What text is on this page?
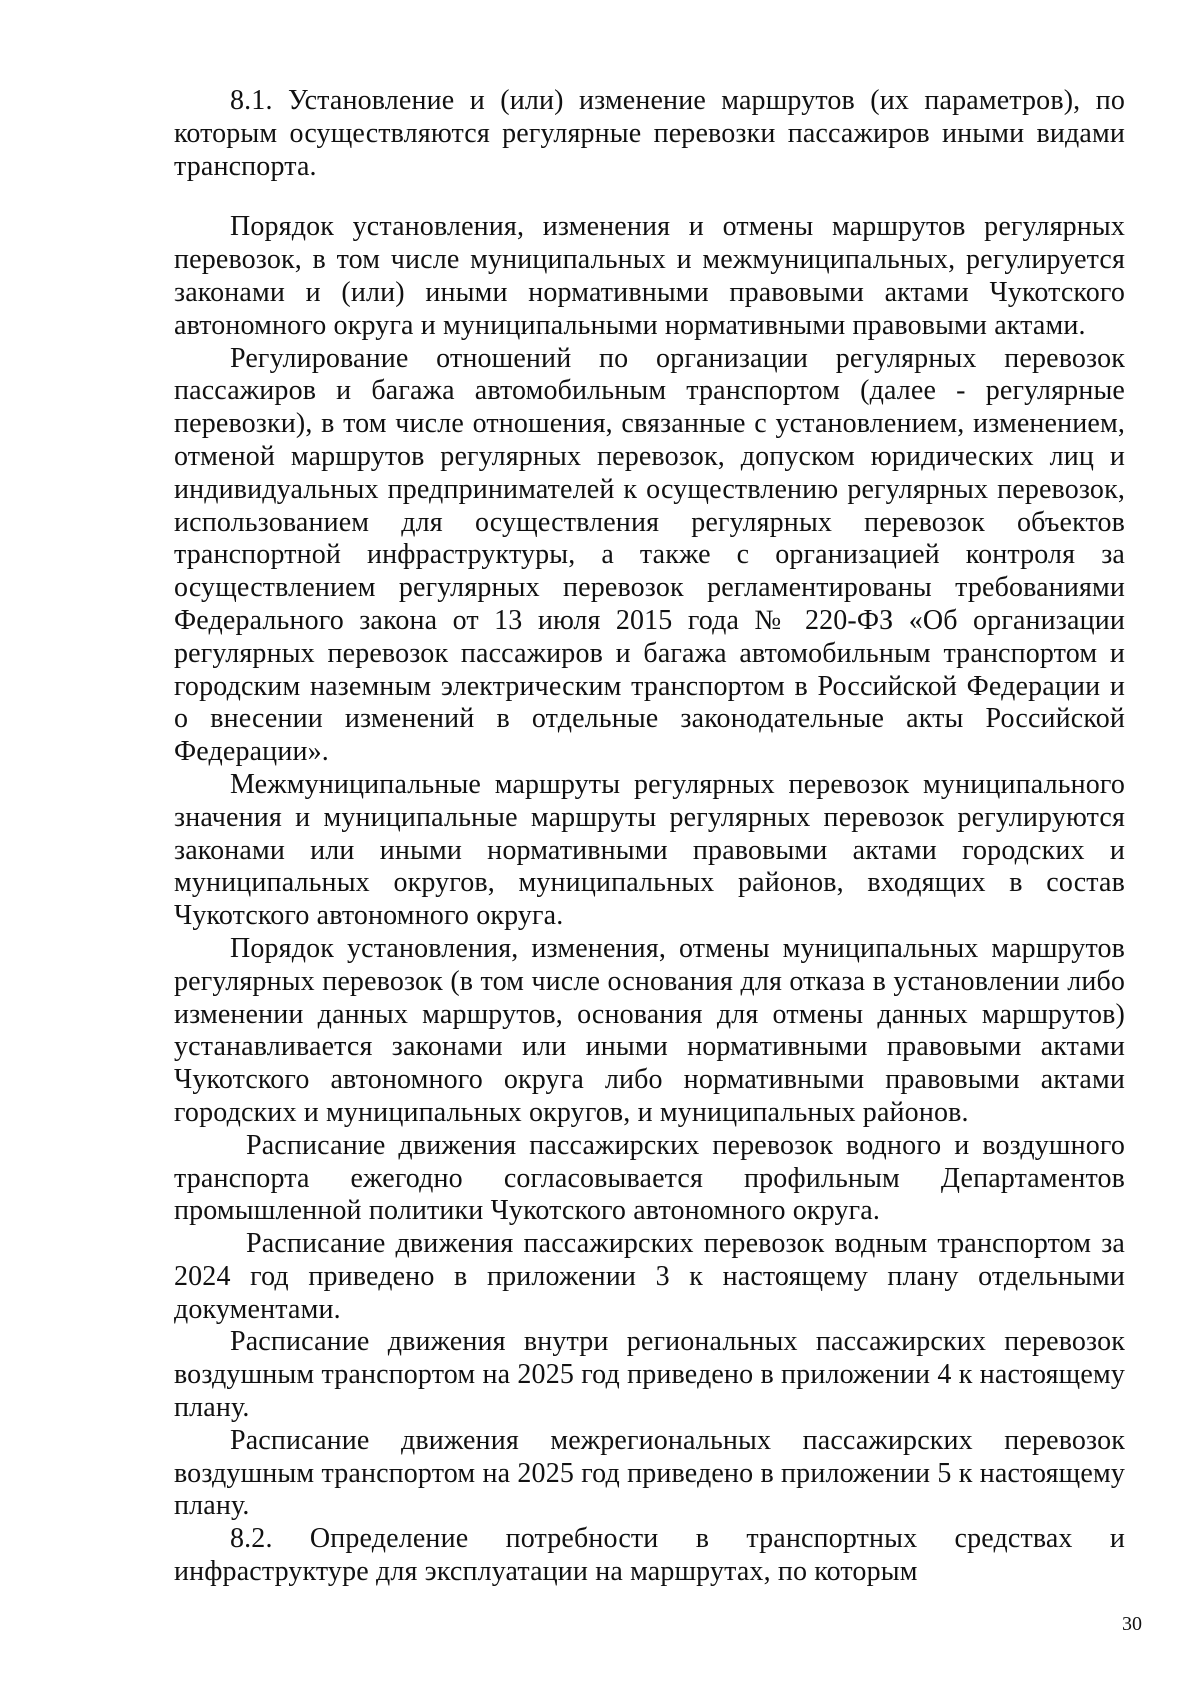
8.1. Установление и (или) изменение маршрутов (их параметров), по которым осуществляются регулярные перевозки пассажиров иными видами транспорта.

Порядок установления, изменения и отмены маршрутов регулярных перевозок, в том числе муниципальных и межмуниципальных, регулируется законами и (или) иными нормативными правовыми актами Чукотского автономного округа и муниципальными нормативными правовыми актами.

Регулирование отношений по организации регулярных перевозок пассажиров и багажа автомобильным транспортом (далее - регулярные перевозки), в том числе отношения, связанные с установлением, изменением, отменой маршрутов регулярных перевозок, допуском юридических лиц и индивидуальных предпринимателей к осуществлению регулярных перевозок, использованием для осуществления регулярных перевозок объектов транспортной инфраструктуры, а также с организацией контроля за осуществлением регулярных перевозок регламентированы требованиями Федерального закона от 13 июля 2015 года № 220-ФЗ «Об организации регулярных перевозок пассажиров и багажа автомобильным транспортом и городским наземным электрическим транспортом в Российской Федерации и о внесении изменений в отдельные законодательные акты Российской Федерации».

Межмуниципальные маршруты регулярных перевозок муниципального значения и муниципальные маршруты регулярных перевозок регулируются законами или иными нормативными правовыми актами городских и муниципальных округов, муниципальных районов, входящих в состав Чукотского автономного округа.

Порядок установления, изменения, отмены муниципальных маршрутов регулярных перевозок (в том числе основания для отказа в установлении либо изменении данных маршрутов, основания для отмены данных маршрутов) устанавливается законами или иными нормативными правовыми актами Чукотского автономного округа либо нормативными правовыми актами городских и муниципальных округов, и муниципальных районов.

Расписание движения пассажирских перевозок водного и воздушного транспорта ежегодно согласовывается профильным Департаментов промышленной политики Чукотского автономного округа.

Расписание движения пассажирских перевозок водным транспортом за 2024 год приведено в приложении 3 к настоящему плану отдельными документами.

Расписание движения внутри региональных пассажирских перевозок воздушным транспортом на 2025 год приведено в приложении 4 к настоящему плану.

Расписание движения межрегиональных пассажирских перевозок воздушным транспортом на 2025 год приведено в приложении 5 к настоящему плану.

8.2. Определение потребности в транспортных средствах и инфраструктуре для эксплуатации на маршрутах, по которым

30
